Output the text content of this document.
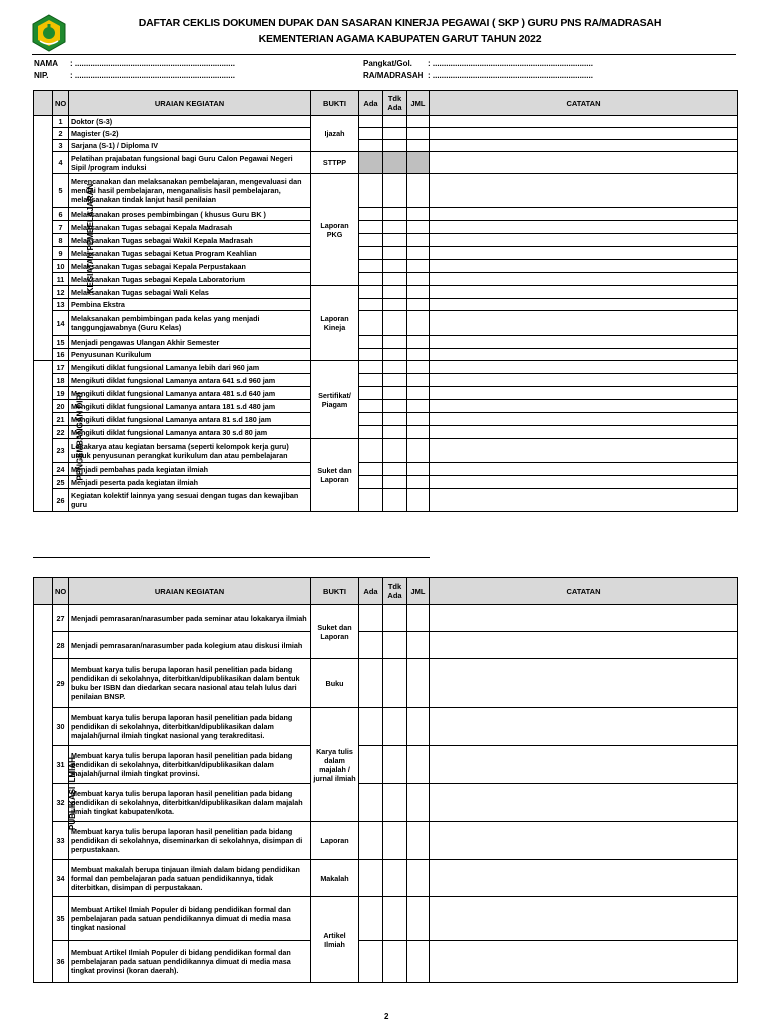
DAFTAR CEKLIS DOKUMEN DUPAK DAN SASARAN KINERJA PEGAWAI ( SKP ) GURU PNS RA/MADRASAH
KEMENTERIAN AGAMA KABUPATEN GARUT TAHUN 2022
NAMA : ........................................................................
NIP.	: ........................................................................
Pangkat/Gol. : ........................................................................
RA/MADRASAH : ........................................................................
	NO	URAIAN KEGIATAN	BUKTI	Ada	Tdk Ada	JML	CATATAN
KEGIATAN PEMBELAJARAN	1	Doktor (S-3)	Ijazah				
	2	Magister (S-2)					
	3	Sarjana (S-1) / Diploma IV					
	4	Pelatihan prajabatan fungsional bagi Guru Calon Pegawai Negeri Sipil /program induksi	STTPP				
	5	Merencanakan dan melaksanakan pembelajaran, mengevaluasi dan menilai hasil pembelajaran, menganalisis hasil pembelajaran, melaksanakan tindak lanjut hasil penilaian	Laporan PKG				
	6	Melaksanakan proses pembimbingan ( khusus Guru BK )					
	7	Melaksanakan Tugas sebagai Kepala Madrasah					
	8	Melaksanakan Tugas sebagai Wakil Kepala Madrasah					
	9	Melaksanakan Tugas sebagai Ketua Program Keahlian					
	10	Melaksanakan Tugas sebagai Kepala Perpustakaan					
	11	Melaksanakan Tugas sebagai Kepala Laboratorium					
	12	Melaksanakan Tugas sebagai Wali Kelas	Laporan Kineja				
	13	Pembina Ekstra					
	14	Melaksanakan pembimbingan pada kelas yang menjadi tanggungjawabnya (Guru Kelas)					
	15	Menjadi pengawas Ulangan Akhir Semester					
	16	Penyusunan Kurikulum					
PENGEMBANGAN DIRI	17	Mengikuti diklat fungsional Lamanya lebih dari 960 jam	Sertifikat/ Piagam				
	18	Mengikuti diklat fungsional Lamanya antara 641 s.d 960 jam					
	19	Mengikuti diklat fungsional Lamanya antara 481 s.d 640 jam					
	20	Mengikuti diklat fungsional Lamanya antara 181 s.d 480 jam					
	21	Mengikuti diklat fungsional Lamanya antara 81 s.d 180 jam					
	22	Mengikuti diklat fungsional Lamanya antara 30 s.d 80 jam					
	23	Lokakarya atau kegiatan bersama (seperti kelompok kerja guru) untuk penyusunan perangkat kurikulum dan atau pembelajaran	Suket dan Laporan				
	24	Menjadi pembahas pada kegiatan ilmiah					
	25	Menjadi peserta pada kegiatan ilmiah					
	26	Kegiatan kolektif lainnya yang sesuai dengan tugas dan kewajiban guru					
	NO	URAIAN KEGIATAN	BUKTI	Ada	Tdk Ada	JML	CATATAN
PUBLIKASI ILMIAH	27	Menjadi pemrasaran/narasumber pada seminar atau lokakarya ilmiah	Suket dan Laporan				
	28	Menjadi pemrasaran/narasumber pada kolegium atau diskusi ilmiah					
	29	Membuat karya tulis berupa laporan hasil penelitian pada bidang pendidikan di sekolahnya, diterbitkan/dipublikasikan dalam bentuk buku ber ISBN dan diedarkan secara nasional atau telah lulus dari penilaian BNSP.	Buku				
	30	Membuat karya tulis berupa laporan hasil penelitian pada bidang pendidikan di sekolahnya, diterbitkan/dipublikasikan dalam majalah/jurnal ilmiah tingkat nasional yang terakreditasi.	Karya tulis dalam majalah / jurnal ilmiah				
	31	Membuat karya tulis berupa laporan hasil penelitian pada bidang pendidikan di sekolahnya, diterbitkan/dipublikasikan dalam majalah/jurnal ilmiah tingkat provinsi.					
	32	Membuat karya tulis berupa laporan hasil penelitian pada bidang pendidikan di sekolahnya, diterbitkan/dipublikasikan dalam majalah ilmiah tingkat kabupaten/kota.					
	33	Membuat karya tulis berupa laporan hasil penelitian pada bidang pendidikan di sekolahnya, diseminarkan di sekolahnya, disimpan di perpustakaan.	Laporan				
	34	Membuat makalah berupa tinjauan ilmiah dalam bidang pendidikan formal dan pembelajaran pada satuan pendidikannya, tidak diterbitkan, disimpan di perpustakaan.	Makalah				
	35	Membuat Artikel Ilmiah Populer di bidang pendidikan formal dan pembelajaran pada satuan pendidikannya dimuat di media masa tingkat nasional	Artikel Ilmiah				
	36	Membuat Artikel Ilmiah Populer di bidang pendidikan formal dan pembelajaran pada satuan pendidikannya dimuat di media masa tingkat provinsi (koran daerah).					
2
